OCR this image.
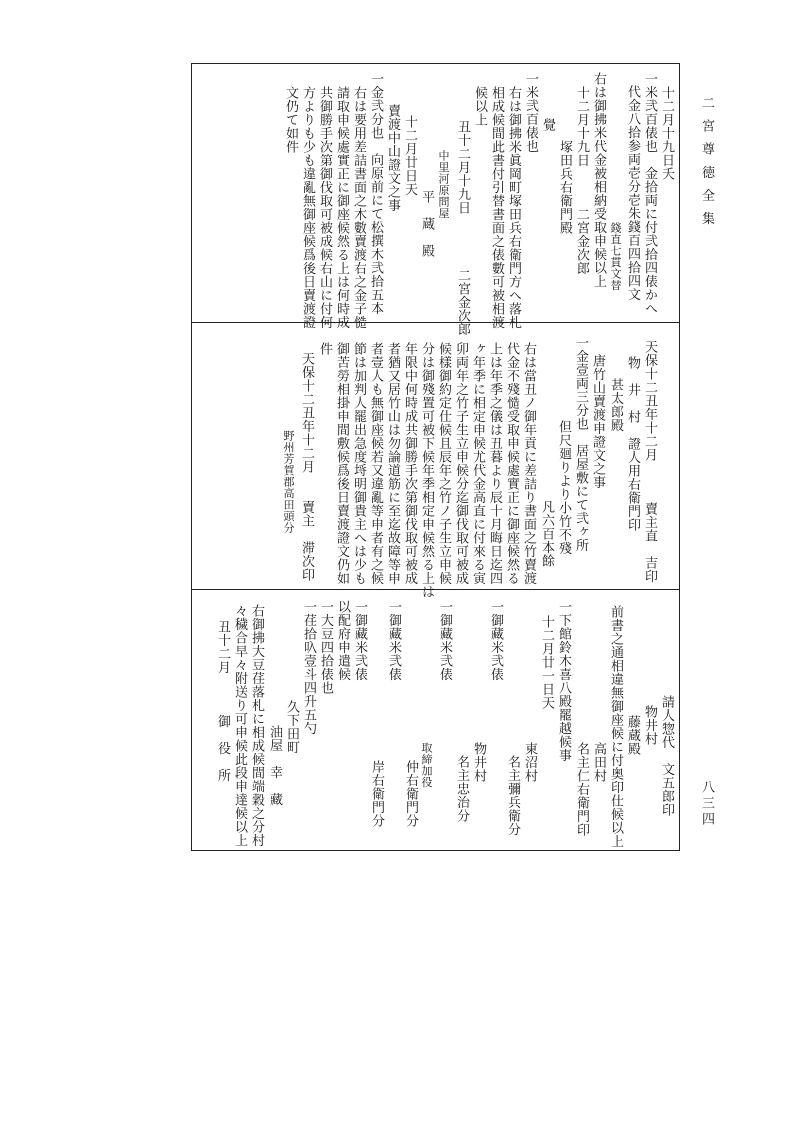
二 宮 尊 徳 全 集
八三四
十二月十九日夭
一米弐百俵也　金拾両に付弐拾四俵かへ
代金八拾参両壱分壱朱錢百四拾四文
錢直七貫文替
右は御拂米代金被相納受取申候以上
十二月十九日　　　二宮金次郎
塚田兵右衛門殿
覺
一米弐百俵也
右は御拂米眞岡町塚田兵右衛門方へ落札
相成候間此書付引替書面之俵數可被相渡
候以上
丑十二月十九日　　　　二宮金次郎
中里河原問屋
平　蔵　殿
十二月廿日天
賣渡中山證文之事
一金弐分也　向原前にて松撰木弐拾五本
右は要用差詰書面之木數賣渡右之金子慥
請取申候處實正に御座候然る上は何時成
共御勝手次第御伐取可被成候右山に付何
方よりも少も違亂無御座候爲後日賣渡證
文仍て如件
天保十二丑年十二月　　　賣主直　吉印
物　井　村　證人用右衛門印
甚太郎殿
唐竹山賣渡申證文之事
一金壹両三分也　居屋敷にて弐ヶ所
但尺廻りより小竹不殘
凡六百本餘
右は當丑ノ御年貢に差詰り書面之竹賣渡
代金不殘慥受取申候處實正に御座候然る
上は年季之儀は丑暮より辰十月晦日迄四
ヶ年季に相定申候尤代金高直に付來る寅
卯両年之竹子生立申候分迄御伐取可被成
候樣御約定仕候且辰年之竹ノ子生立申候
分は御殘置可被下候年季相定申候然る上は
年限中何時成共御勝手次第御伐取可被成
者猶又居竹山は勿論道筋に至迄故障等申
者壹人も無御座候若又違亂等申者有之候
節は加判人罷出急度埓明御貴主へは少も
御苦勞相掛申間敷候爲後日賣渡證文仍如
件
天保十二丑年十二月　　賣主　滞次印
野州芳賀郡高田頭分
請人惣代　文五郎印
物井村
藤蔵殿
前書之通相違無御座候に付奥印仕候以上
高田村
名主仁右衛門印
一下館鈴木喜八殿罷越候事
十二月廿一日天
東沼村
名主彌兵衛分
一御藏米弐俵
物井村
名主忠治分
一御藏米弐俵
取締加役
仲右衛門分
一御藏米弐俵
岸右衛門分
一御藏米弐俵
以配府申遣候
一大豆四拾俵也
一荏拾叺壹斗四升五勺
久下田町
油屋　幸　藏
右御拂大豆荏落札に相成候間端穀之分村
々穢合早々附送り可申候此段申達候以上
丑十二月　　　御　役　所
